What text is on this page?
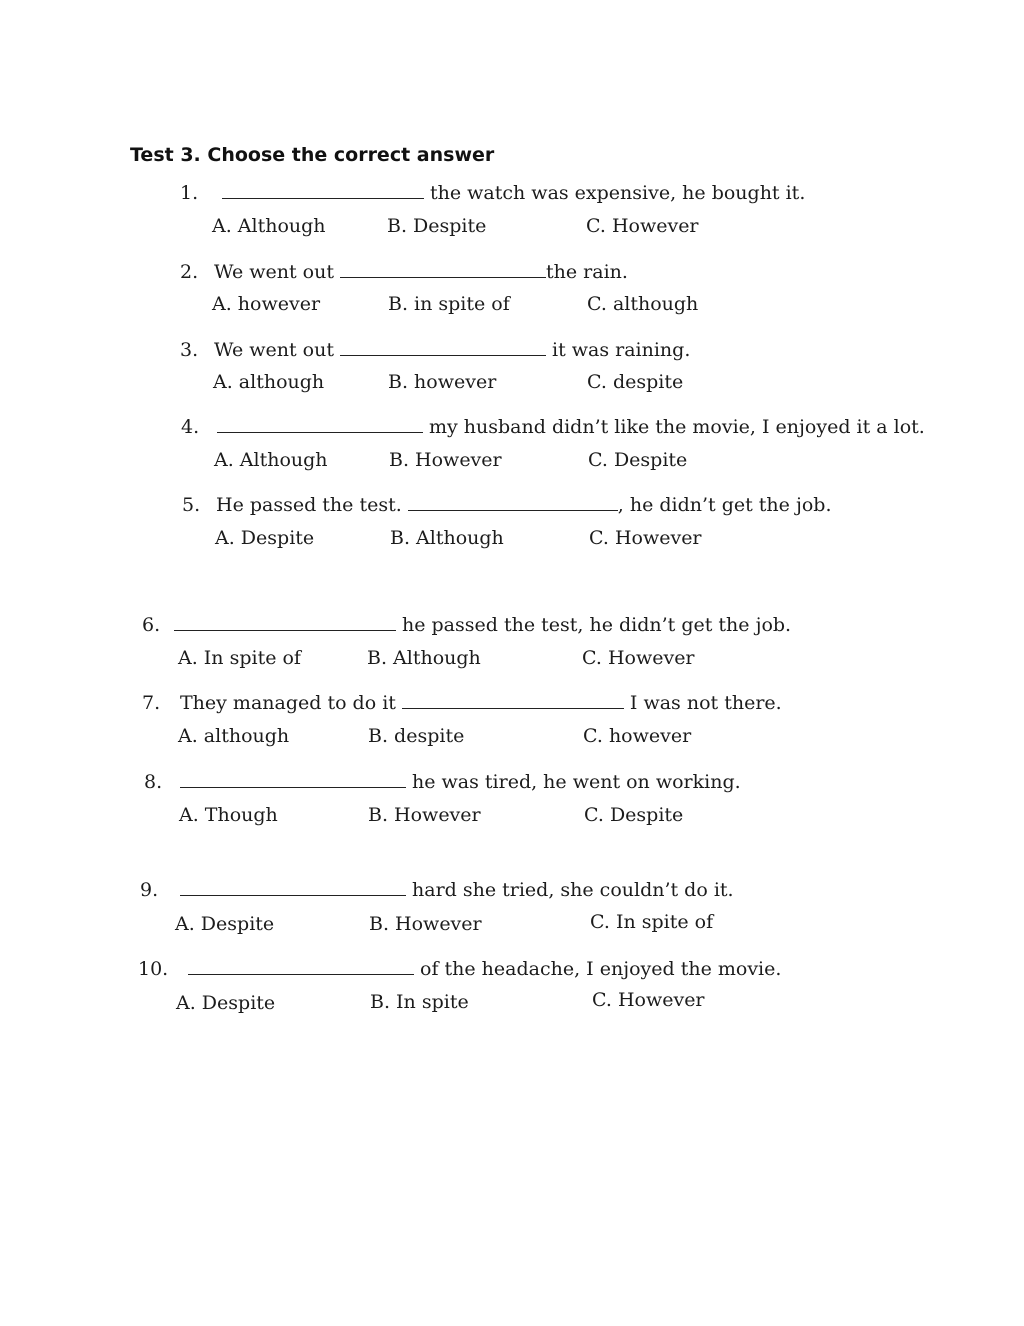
Test 3. Choose the correct answer
1.	the watch was expensive, he bought it.
A. Although	B. Despite	C. However
2. We went out	the rain.
A. however	B. in spite of	C. although
3. We went out	it was raining.
A. although	B. however	C. despite
4.	my husband didn’t like the movie, I enjoyed it a lot.
A. Although	B. However	C. Despite
5. He passed the test.	, he didn’t get the job.
A. Despite	B. Although	C. However
6.	he passed the test, he didn’t get the job.
A. In spite of	B. Although	C. However
7. They managed to do it	I was not there.
A. although	B. despite	C. however
8.	he was tired, he went on working.
A. Though	B. However	C. Despite
9.	hard she tried, she couldn’t do it.
A. Despite	B. However	C. In spite of
10.	of the headache, I enjoyed the movie.
A. Despite	B. In spite	C. However
